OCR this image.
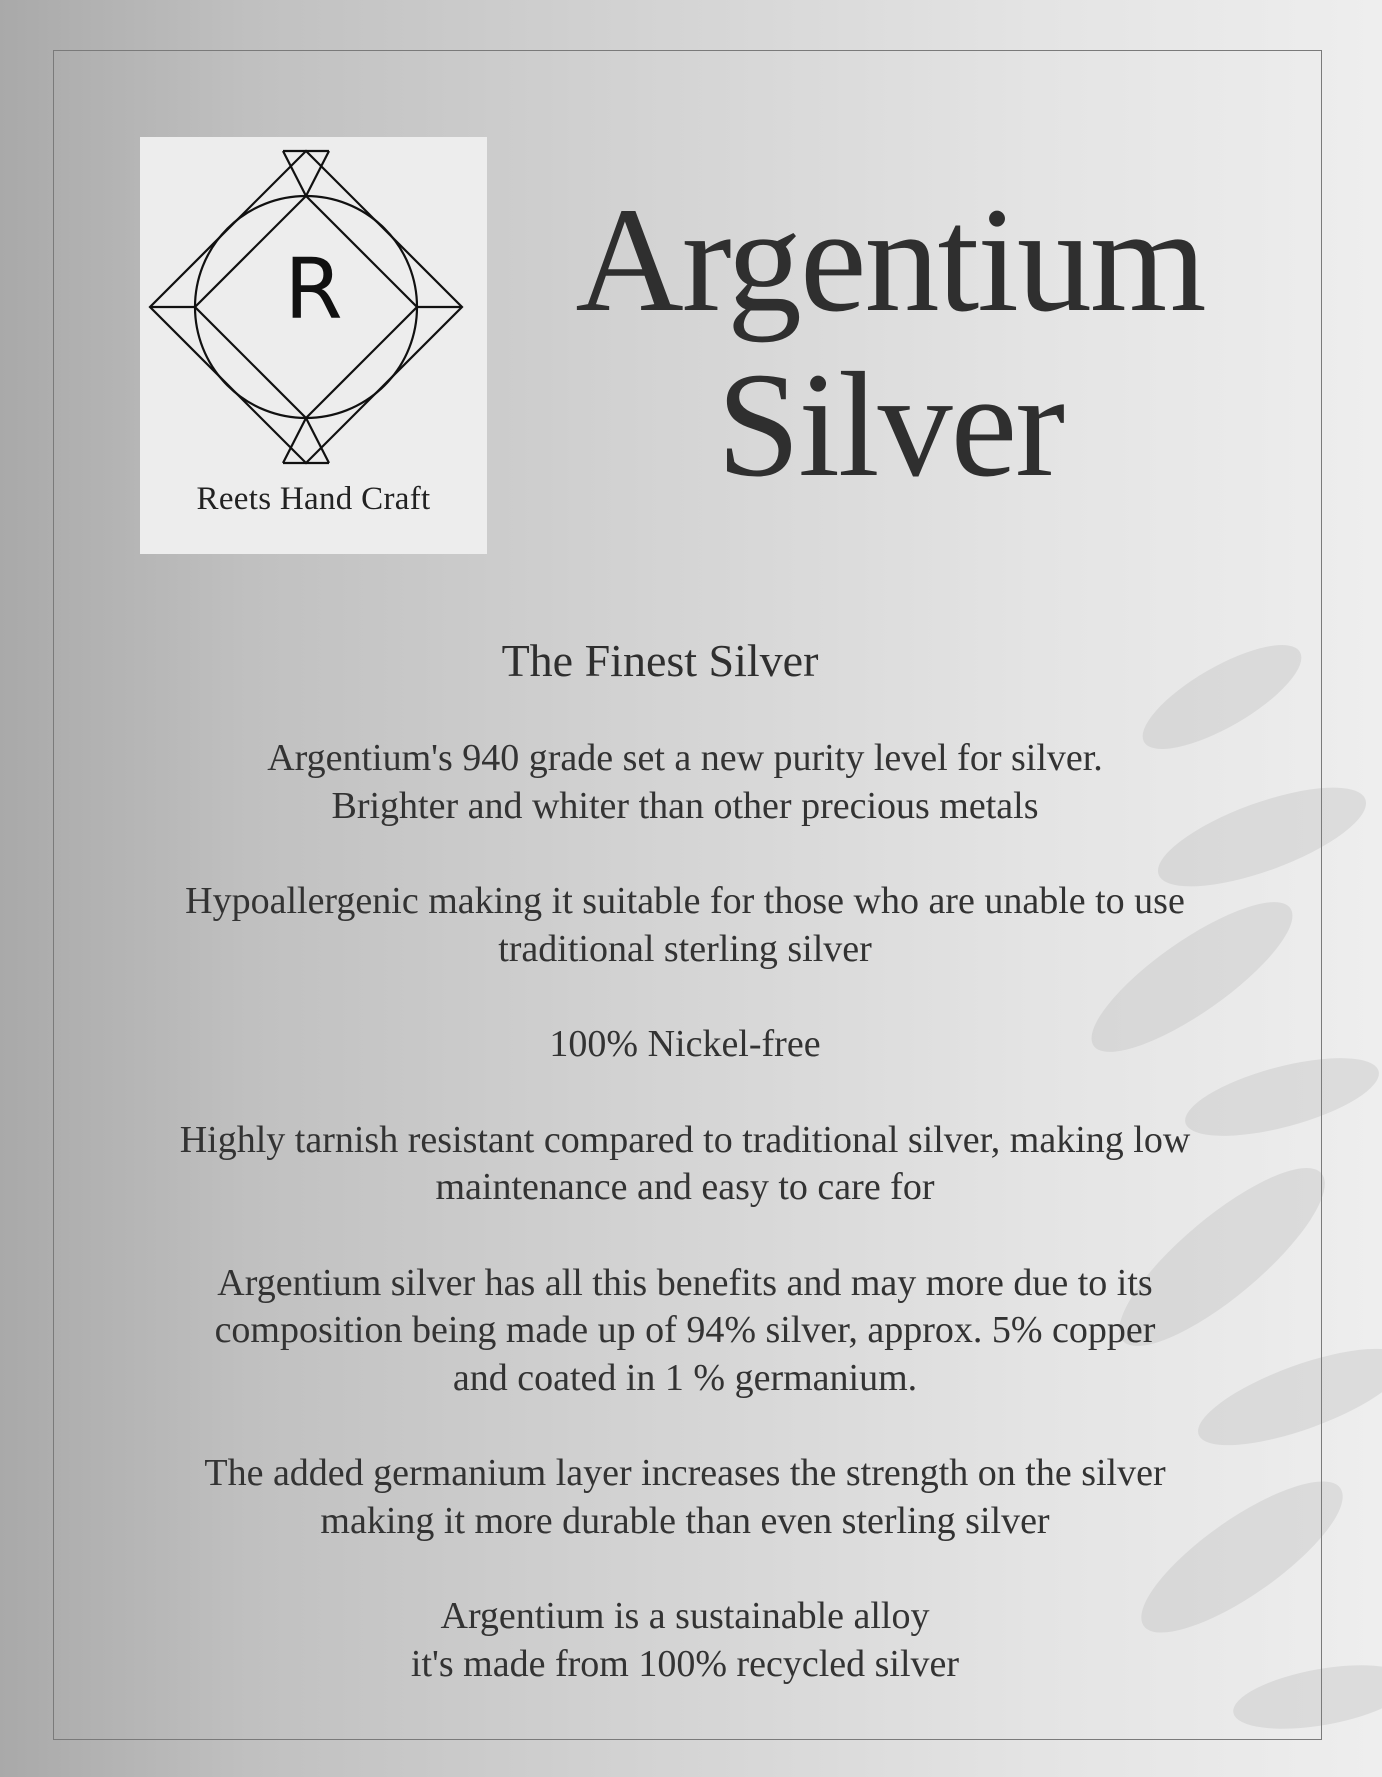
R
Reets Hand Craft
Argentium
Silver
The Finest Silver

Argentium's 940 grade set a new purity level for silver.
Brighter and whiter than other precious metals

Hypoallergenic making it suitable for those who are unable to use
traditional sterling silver

100% Nickel-free

Highly tarnish resistant compared to traditional silver, making low
maintenance and easy to care for

Argentium silver has all this benefits and may more due to its
composition being made up of 94% silver, approx. 5% copper
and coated in 1 % germanium.

The added germanium layer increases the strength on the silver
making it more durable than even sterling silver

Argentium is a sustainable alloy
it's made from 100% recycled silver
